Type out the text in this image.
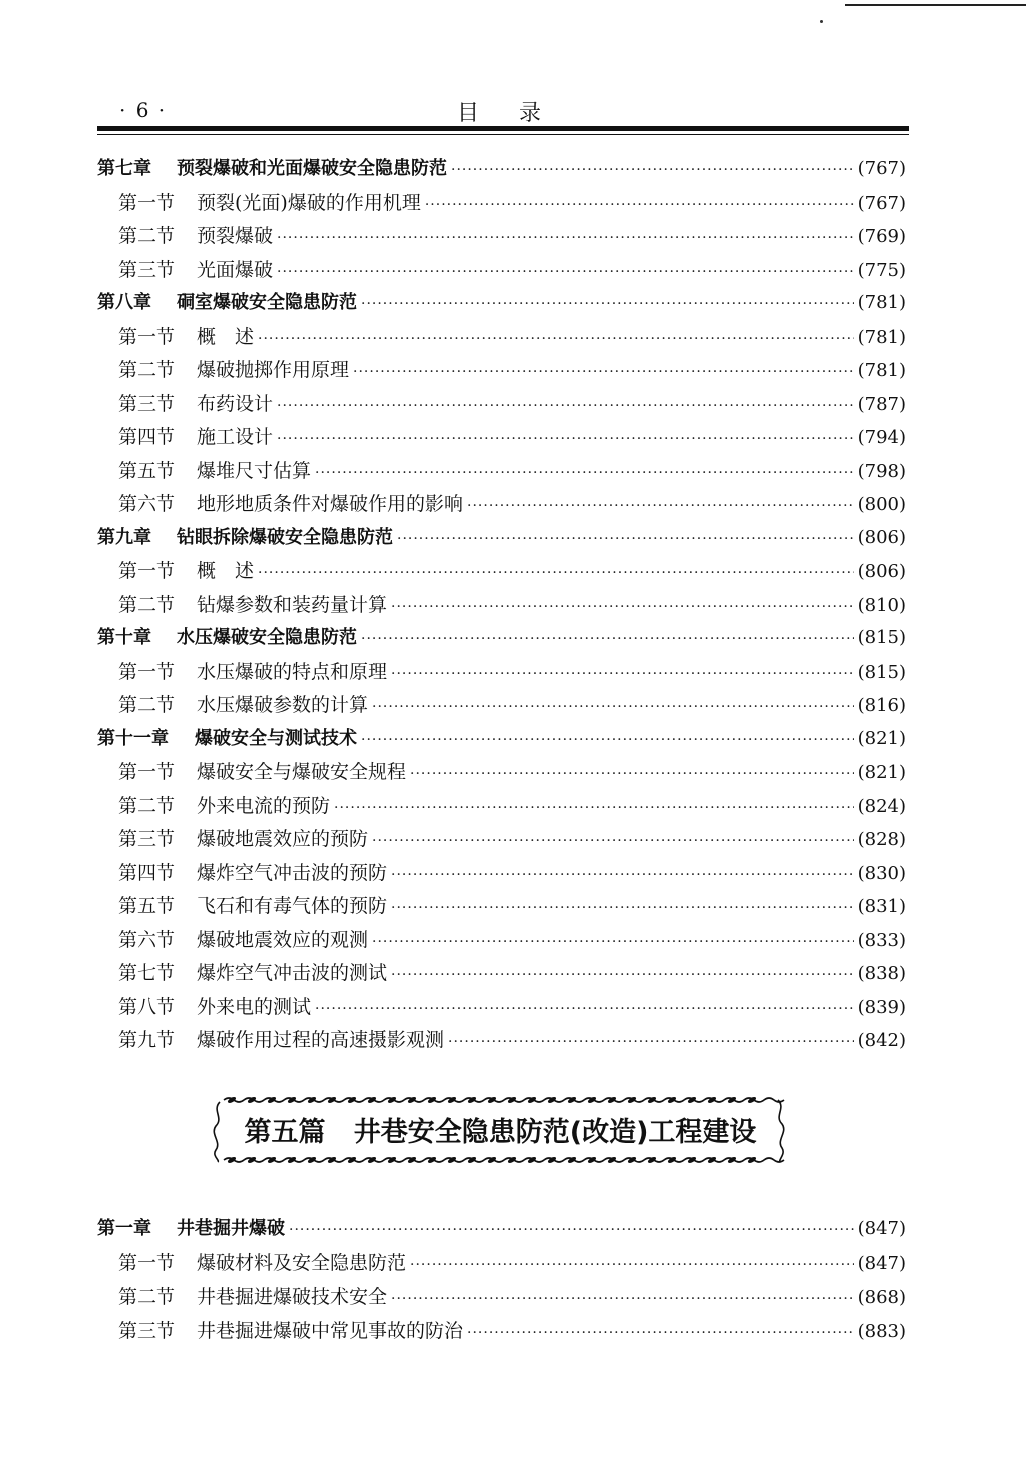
· 6 ·	目录
第七章 预裂爆破和光面爆破安全隐患防范 ·····	(767)
第一节 预裂(光面)爆破的作用机理 ·····	(767)
第二节 预裂爆破 ·····	(769)
第三节 光面爆破 ·····	(775)
第八章 硐室爆破安全隐患防范 ·····	(781)
第一节 概　述 ·····	(781)
第二节 爆破抛掷作用原理 ·····	(781)
第三节 布药设计 ·····	(787)
第四节 施工设计 ·····	(794)
第五节 爆堆尺寸估算 ·····	(798)
第六节 地形地质条件对爆破作用的影响 ·····	(800)
第九章 钻眼拆除爆破安全隐患防范 ·····	(806)
第一节 概　述 ·····	(806)
第二节 钻爆参数和装药量计算 ·····	(810)
第十章 水压爆破安全隐患防范 ·····	(815)
第一节 水压爆破的特点和原理 ·····	(815)
第二节 水压爆破参数的计算 ·····	(816)
第十一章 爆破安全与测试技术 ·····	(821)
第一节 爆破安全与爆破安全规程 ·····	(821)
第二节 外来电流的预防 ·····	(824)
第三节 爆破地震效应的预防 ·····	(828)
第四节 爆炸空气冲击波的预防 ·····	(830)
第五节 飞石和有毒气体的预防 ·····	(831)
第六节 爆破地震效应的观测 ·····	(833)
第七节 爆炸空气冲击波的测试 ·····	(838)
第八节 外来电的测试 ·····	(839)
第九节 爆破作用过程的高速摄影观测 ·····	(842)
第五篇 井巷安全隐患防范(改造)工程建设
第一章 井巷掘井爆破 ·····	(847)
第一节 爆破材料及安全隐患防范 ·····	(847)
第二节 井巷掘进爆破技术安全 ·····	(868)
第三节 井巷掘进爆破中常见事故的防治 ·····	(883)
